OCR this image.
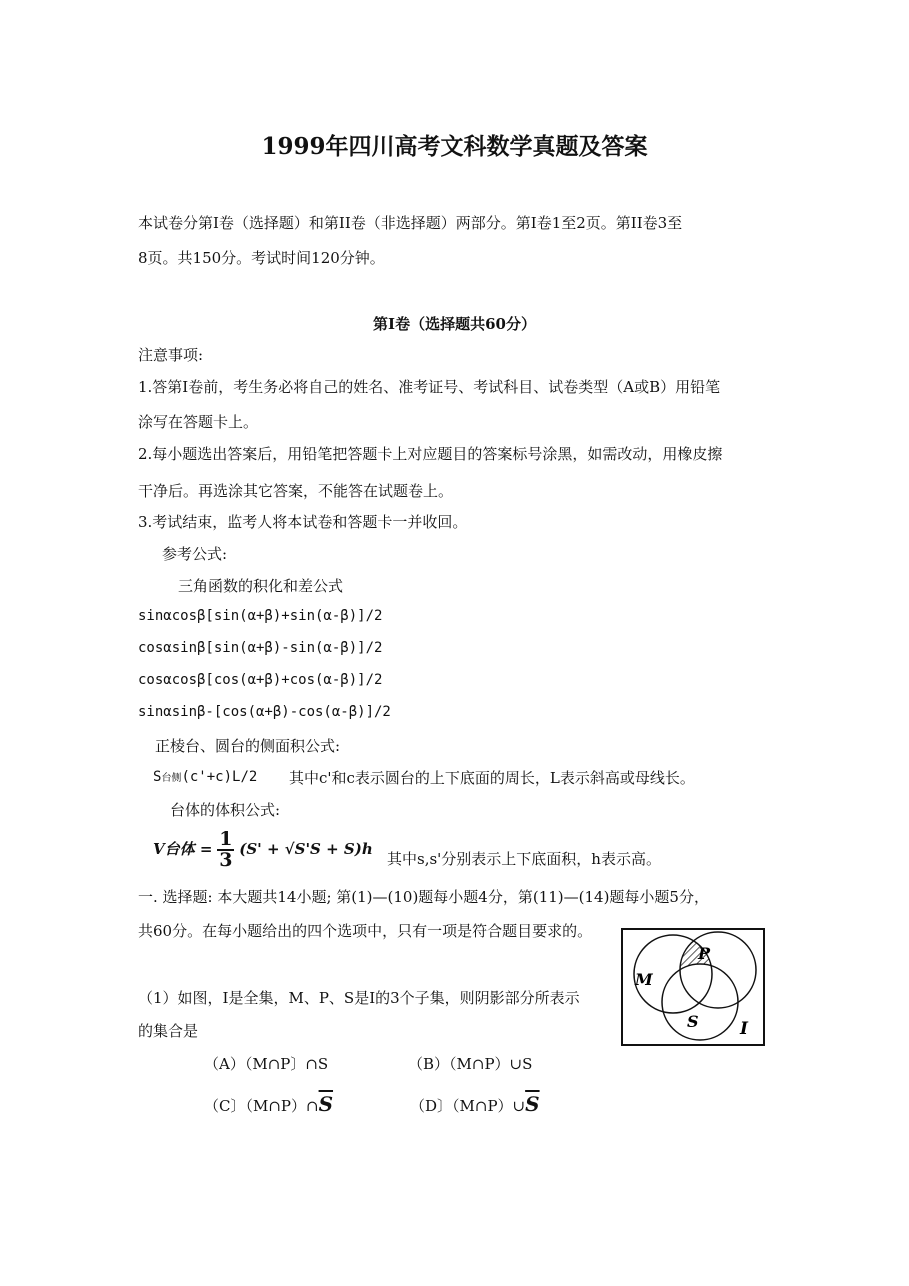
1999年四川高考文科数学真题及答案
本试卷分第Ⅰ卷（选择题）和第II卷（非选择题）两部分。第Ⅰ卷1至2页。第II卷3至
8页。共150分。考试时间120分钟。
第Ⅰ卷（选择题共60分）
注意事项:
1.答第Ⅰ卷前，考生务必将自己的姓名、准考证号、考试科目、试卷类型（A或B）用铅笔
涂写在答题卡上。
2.每小题选出答案后，用铅笔把答题卡上对应题目的答案标号涂黑，如需改动，用橡皮擦
干净后。再选涂其它答案，不能答在试题卷上。
3.考试结束，监考人将本试卷和答题卡一并收回。
参考公式:
三角函数的积化和差公式
sinαcosβ[sin(α+β)+sin(α-β)]/2
cosαsinβ[sin(α+β)-sin(α-β)]/2
cosαcosβ[cos(α+β)+cos(α-β)]/2
sinαsinβ-[cos(α+β)-cos(α-β)]/2
正棱台、圆台的侧面积公式:
S台侧(c'+c)L/2 其中c'和c表示圆台的上下底面的周长，L表示斜高或母线长。
台体的体积公式:
V台体 = $\frac{1}{3} (S' + √S'S + S)h$
其中s,s'分别表示上下底面积，h表示高。
一. 选择题: 本大题共14小题; 第(1)—(10)题每小题4分，第(11)—(14)题每小题5分，
共60分。在每小题给出的四个选项中，只有一项是符合题目要求的。
（1）如图，I是全集，M、P、S是I的3个子集，则阴影部分所表示
的集合是
（A）（M∩P〕∩S	（B）（M∩P）∪S
（C〕$(M\cap P)\cap\overline{S}$	（D〕$(M\cap P)\cup\overline{S}$
M
P
S I
